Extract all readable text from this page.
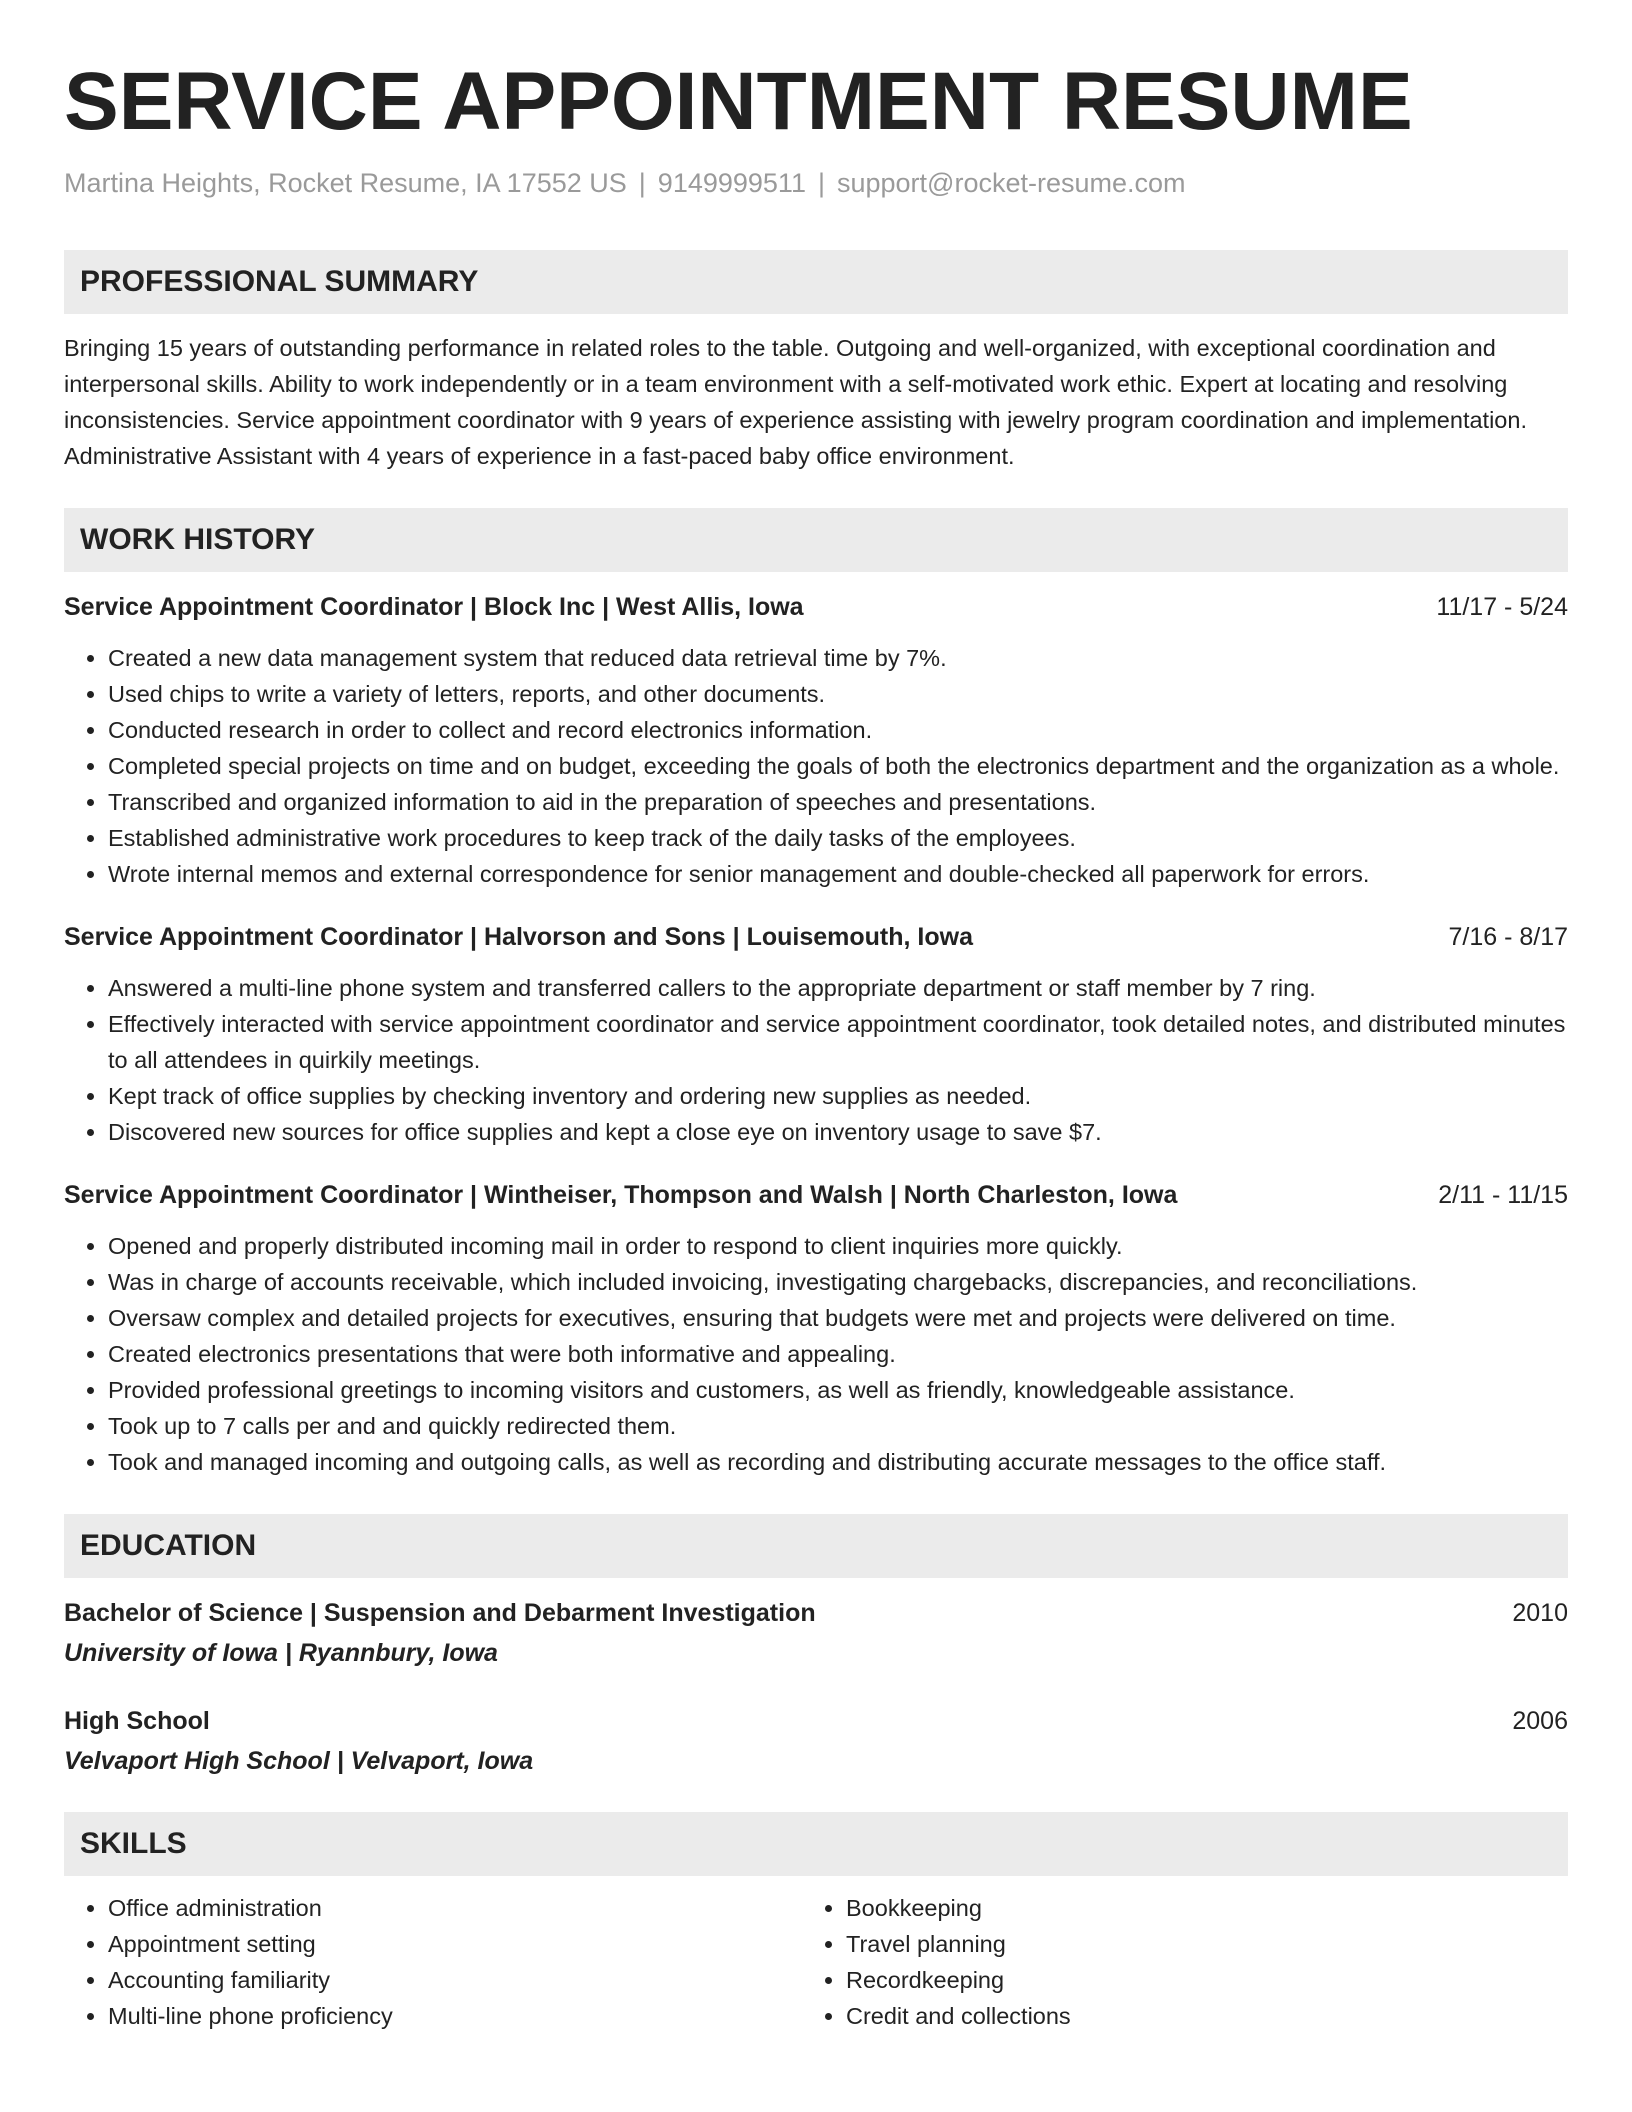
SERVICE APPOINTMENT RESUME
Martina Heights, Rocket Resume, IA 17552 US | 9149999511 | support@rocket-resume.com
PROFESSIONAL SUMMARY
Bringing 15 years of outstanding performance in related roles to the table. Outgoing and well-organized, with exceptional coordination and interpersonal skills. Ability to work independently or in a team environment with a self-motivated work ethic. Expert at locating and resolving inconsistencies. Service appointment coordinator with 9 years of experience assisting with jewelry program coordination and implementation. Administrative Assistant with 4 years of experience in a fast-paced baby office environment.
WORK HISTORY
Service Appointment Coordinator | Block Inc | West Allis, Iowa	11/17 - 5/24
• Created a new data management system that reduced data retrieval time by 7%.
• Used chips to write a variety of letters, reports, and other documents.
• Conducted research in order to collect and record electronics information.
• Completed special projects on time and on budget, exceeding the goals of both the electronics department and the organization as a whole.
• Transcribed and organized information to aid in the preparation of speeches and presentations.
• Established administrative work procedures to keep track of the daily tasks of the employees.
• Wrote internal memos and external correspondence for senior management and double-checked all paperwork for errors.
Service Appointment Coordinator | Halvorson and Sons | Louisemouth, Iowa	7/16 - 8/17
• Answered a multi-line phone system and transferred callers to the appropriate department or staff member by 7 ring.
• Effectively interacted with service appointment coordinator and service appointment coordinator, took detailed notes, and distributed minutes to all attendees in quirkily meetings.
• Kept track of office supplies by checking inventory and ordering new supplies as needed.
• Discovered new sources for office supplies and kept a close eye on inventory usage to save $7.
Service Appointment Coordinator | Wintheiser, Thompson and Walsh | North Charleston, Iowa	2/11 - 11/15
• Opened and properly distributed incoming mail in order to respond to client inquiries more quickly.
• Was in charge of accounts receivable, which included invoicing, investigating chargebacks, discrepancies, and reconciliations.
• Oversaw complex and detailed projects for executives, ensuring that budgets were met and projects were delivered on time.
• Created electronics presentations that were both informative and appealing.
• Provided professional greetings to incoming visitors and customers, as well as friendly, knowledgeable assistance.
• Took up to 7 calls per and and quickly redirected them.
• Took and managed incoming and outgoing calls, as well as recording and distributing accurate messages to the office staff.
EDUCATION
Bachelor of Science | Suspension and Debarment Investigation	2010
University of Iowa | Ryannbury, Iowa
High School	2006
Velvaport High School | Velvaport, Iowa
SKILLS
• Office administration
• Appointment setting
• Accounting familiarity
• Multi-line phone proficiency
• Bookkeeping
• Travel planning
• Recordkeeping
• Credit and collections
